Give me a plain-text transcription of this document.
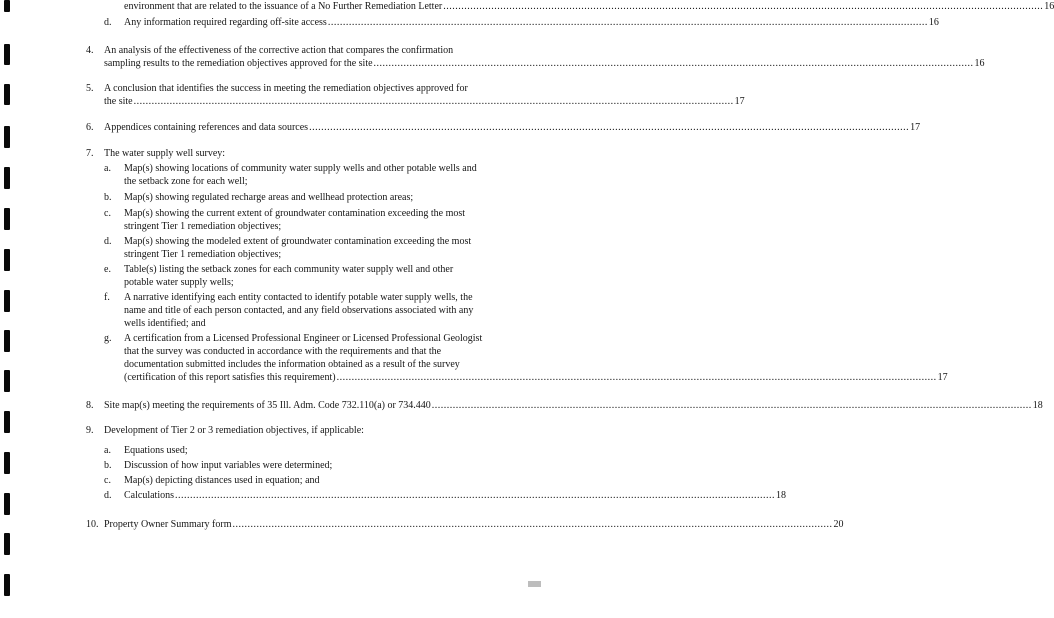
environment that are related to the issuance of a No Further Remediation Letter .....	16
d. Any information required regarding off-site access .....	16
4. An analysis of the effectiveness of the corrective action that compares the confirmation
sampling results to the remediation objectives approved for the site .....	16
5. A conclusion that identifies the success in meeting the remediation objectives approved for
the site .....	17
6. Appendices containing references and data sources .....	17
7. The water supply well survey:
a. Map(s) showing locations of community water supply wells and other potable wells and
the setback zone for each well;
b. Map(s) showing regulated recharge areas and wellhead protection areas;
c. Map(s) showing the current extent of groundwater contamination exceeding the most
stringent Tier 1 remediation objectives;
d. Map(s) showing the modeled extent of groundwater contamination exceeding the most
stringent Tier 1 remediation objectives;
e. Table(s) listing the setback zones for each community water supply well and other
potable water supply wells;
f. A narrative identifying each entity contacted to identify potable water supply wells, the
name and title of each person contacted, and any field observations associated with any
wells identified; and
g. A certification from a Licensed Professional Engineer or Licensed Professional Geologist
that the survey was conducted in accordance with the requirements and that the
documentation submitted includes the information obtained as a result of the survey
(certification of this report satisfies this requirement) .....	17
8. Site map(s) meeting the requirements of 35 Ill. Adm. Code 732.110(a) or 734.440 .....	18
9. Development of Tier 2 or 3 remediation objectives, if applicable:
a. Equations used;
b. Discussion of how input variables were determined;
c. Map(s) depicting distances used in equation; and
d. Calculations .....	18
10. Property Owner Summary form .....	20
